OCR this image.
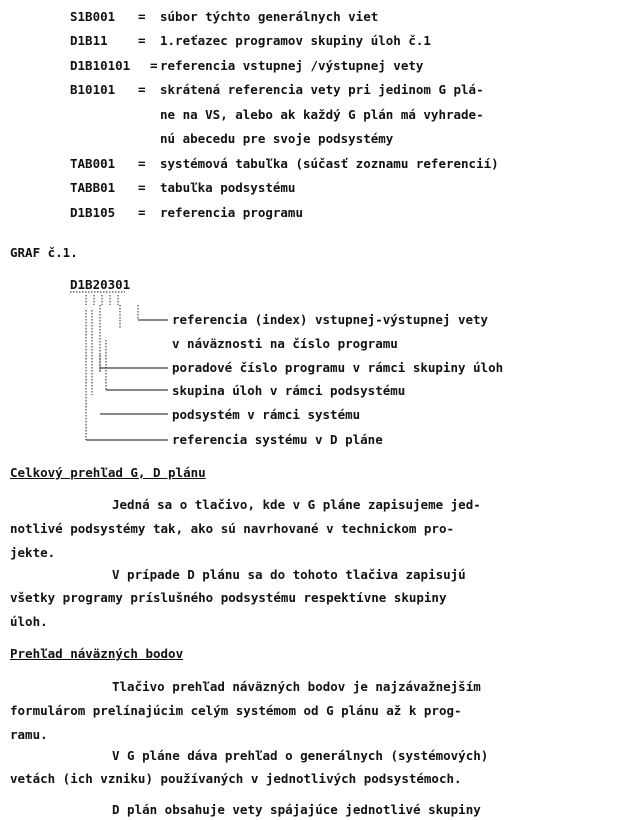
S1B001 = súbor týchto generálnych viet
D1B11 = 1.reťazec programov skupiny úloh č.1
D1B10101 = referencia vstupnej /výstupnej vety
B10101 = skrátená referencia vety pri jedinom G plá-
ne na VS, alebo ak každý G plán má vyhrade-
nú abecedu pre svoje podsystémy
TAB001 = systémová tabuľka (súčasť zoznamu referencií)
TABB01 = tabuľka podsystému
D1B105 = referencia programu
GRAF č.1.
D1B20301
referencia (index) vstupnej-výstupnej vety
v náväznosti na číslo programu
poradové číslo programu v rámci skupiny úloh
skupina úloh v rámci podsystému
podsystém v rámci systému
referencia systému v D pláne
Celkový prehľad G, D plánu
Jedná sa o tlačivo, kde v G pláne zapisujeme jed-
notlivé podsystémy tak, ako sú navrhované v technickom pro-
jekte.
V prípade D plánu sa do tohoto tlačiva zapisujú
všetky programy príslušného podsystému respektívne skupiny
úloh.
Prehľad náväzných bodov
Tlačivo prehľad náväzných bodov je najzávažnejším
formulárom prelínajúcim celým systémom od G plánu až k prog-
ramu.
V G pláne dáva prehľad o generálnych (systémových)
vetách (ich vzniku) používaných v jednotlivých podsystémoch.
D plán obsahuje vety spájajúce jednotlivé skupiny
